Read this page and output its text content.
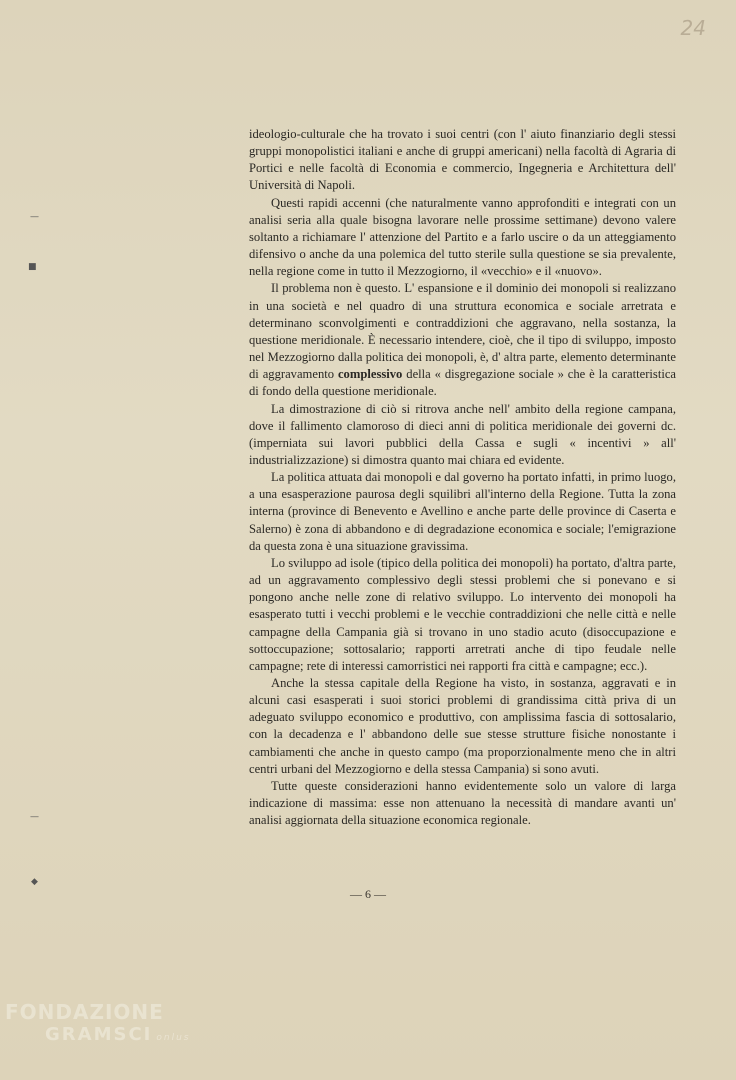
24
—
■
—
◆

ideologio-culturale che ha trovato i suoi centri (con l' aiuto finanziario degli stessi gruppi monopolistici italiani e anche di gruppi americani) nella facoltà di Agraria di Portici e nelle facoltà di Economia e commercio, Ingegneria e Architettura dell' Università di Napoli.

Questi rapidi accenni (che naturalmente vanno approfonditi e integrati con un analisi seria alla quale bisogna lavorare nelle prossime settimane) devono valere soltanto a richiamare l' attenzione del Partito e a farlo uscire o da un atteggiamento difensivo o anche da una polemica del tutto sterile sulla questione se sia prevalente, nella regione come in tutto il Mezzogiorno, il «vecchio» e il «nuovo».

Il problema non è questo. L' espansione e il dominio dei monopoli si realizzano in una società e nel quadro di una struttura economica e sociale arretrata e determinano sconvolgimenti e contraddizioni che aggravano, nella sostanza, la questione meridionale. È necessario intendere, cioè, che il tipo di sviluppo, imposto nel Mezzogiorno dalla politica dei monopoli, è, d' altra parte, elemento determinante di aggravamento complessivo della « disgregazione sociale » che è la caratteristica di fondo della questione meridionale.

La dimostrazione di ciò si ritrova anche nell' ambito della regione campana, dove il fallimento clamoroso di dieci anni di politica meridionale dei governi dc. (imperniata sui lavori pubblici della Cassa e sugli « incentivi » all' industrializzazione) si dimostra quanto mai chiara ed evidente.

La politica attuata dai monopoli e dal governo ha portato infatti, in primo luogo, a una esasperazione paurosa degli squilibri all'interno della Regione. Tutta la zona interna (province di Benevento e Avellino e anche parte delle province di Caserta e Salerno) è zona di abbandono e di degradazione economica e sociale; l'emigrazione da questa zona è una situazione gravissima.

Lo sviluppo ad isole (tipico della politica dei monopoli) ha portato, d'altra parte, ad un aggravamento complessivo degli stessi problemi che si ponevano e si pongono anche nelle zone di relativo sviluppo. Lo intervento dei monopoli ha esasperato tutti i vecchi problemi e le vecchie contraddizioni che nelle città e nelle campagne della Campania già si trovano in uno stadio acuto (disoccupazione e sottoccupazione; sottosalario; rapporti arretrati anche di tipo feudale nelle campagne; rete di interessi camorristici nei rapporti fra città e campagne; ecc.).

Anche la stessa capitale della Regione ha visto, in sostanza, aggravati e in alcuni casi esasperati i suoi storici problemi di grandissima città priva di un adeguato sviluppo economico e produttivo, con amplissima fascia di sottosalario, con la decadenza e l' abbandono delle sue stesse strutture fisiche nonostante i cambiamenti che anche in questo campo (ma proporzionalmente meno che in altri centri urbani del Mezzogiorno e della stessa Campania) si sono avuti.

Tutte queste considerazioni hanno evidentemente solo un valore di larga indicazione di massima: esse non attenuano la necessità di mandare avanti un' analisi aggiornata della situazione economica regionale.

— 6 —
FONDAZIONE
GRAMSCI onlus
